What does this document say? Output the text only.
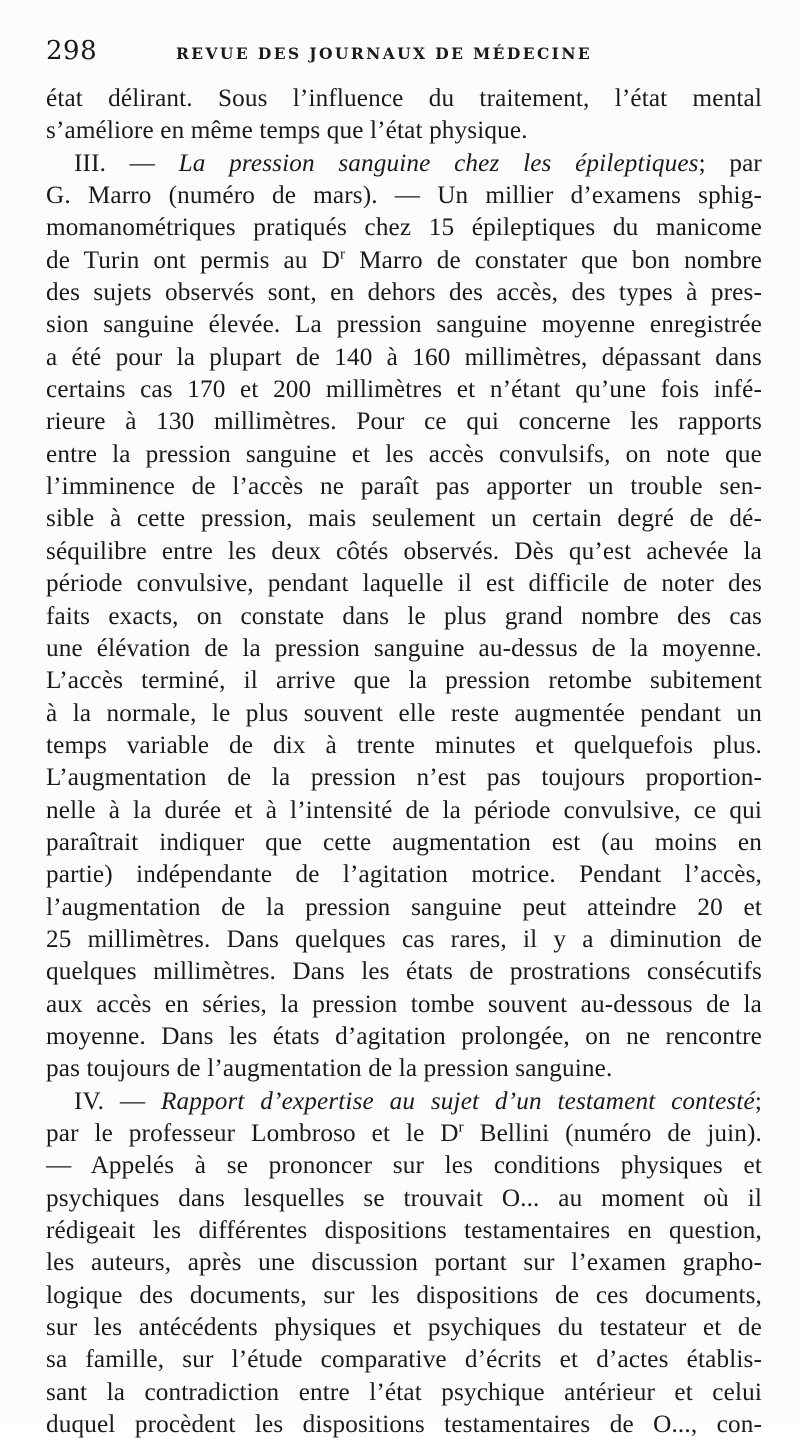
298	REVUE DES JOURNAUX DE MÉDECINE
état délirant. Sous l’influence du traitement, l’état mental
s’améliore en même temps que l’état physique.
III. — La pression sanguine chez les épileptiques; par
G. Marro (numéro de mars). — Un millier d’examens sphig-
momanométriques pratiqués chez 15 épileptiques du manicome
de Turin ont permis au $D^r$ Marro de constater que bon nombre
des sujets observés sont, en dehors des accès, des types à pres-
sion sanguine élevée. La pression sanguine moyenne enregistrée
a été pour la plupart de 140 à 160 millimètres, dépassant dans
certains cas 170 et 200 millimètres et n’étant qu’une fois infé-
rieure à 130 millimètres. Pour ce qui concerne les rapports
entre la pression sanguine et les accès convulsifs, on note que
l’imminence de l’accès ne paraît pas apporter un trouble sen-
sible à cette pression, mais seulement un certain degré de dé-
séquilibre entre les deux côtés observés. Dès qu’est achevée la
période convulsive, pendant laquelle il est difficile de noter des
faits exacts, on constate dans le plus grand nombre des cas
une élévation de la pression sanguine au-dessus de la moyenne.
L’accès terminé, il arrive que la pression retombe subitement
à la normale, le plus souvent elle reste augmentée pendant un
temps variable de dix à trente minutes et quelquefois plus.
L’augmentation de la pression n’est pas toujours proportion-
nelle à la durée et à l’intensité de la période convulsive, ce qui
paraîtrait indiquer que cette augmentation est (au moins en
partie) indépendante de l’agitation motrice. Pendant l’accès,
l’augmentation de la pression sanguine peut atteindre 20 et
25 millimètres. Dans quelques cas rares, il y a diminution de
quelques millimètres. Dans les états de prostrations consécutifs
aux accès en séries, la pression tombe souvent au-dessous de la
moyenne. Dans les états d’agitation prolongée, on ne rencontre
pas toujours de l’augmentation de la pression sanguine.
IV. — Rapport d’expertise au sujet d’un testament contesté;
par le professeur Lombroso et le $D^r$ Bellini (numéro de juin).
— Appelés à se prononcer sur les conditions physiques et
psychiques dans lesquelles se trouvait O... au moment où il
rédigeait les différentes dispositions testamentaires en question,
les auteurs, après une discussion portant sur l’examen grapho-
logique des documents, sur les dispositions de ces documents,
sur les antécédents physiques et psychiques du testateur et de
sa famille, sur l’étude comparative d’écrits et d’actes établis-
sant la contradiction entre l’état psychique antérieur et celui
duquel procèdent les dispositions testamentaires de O..., con-
